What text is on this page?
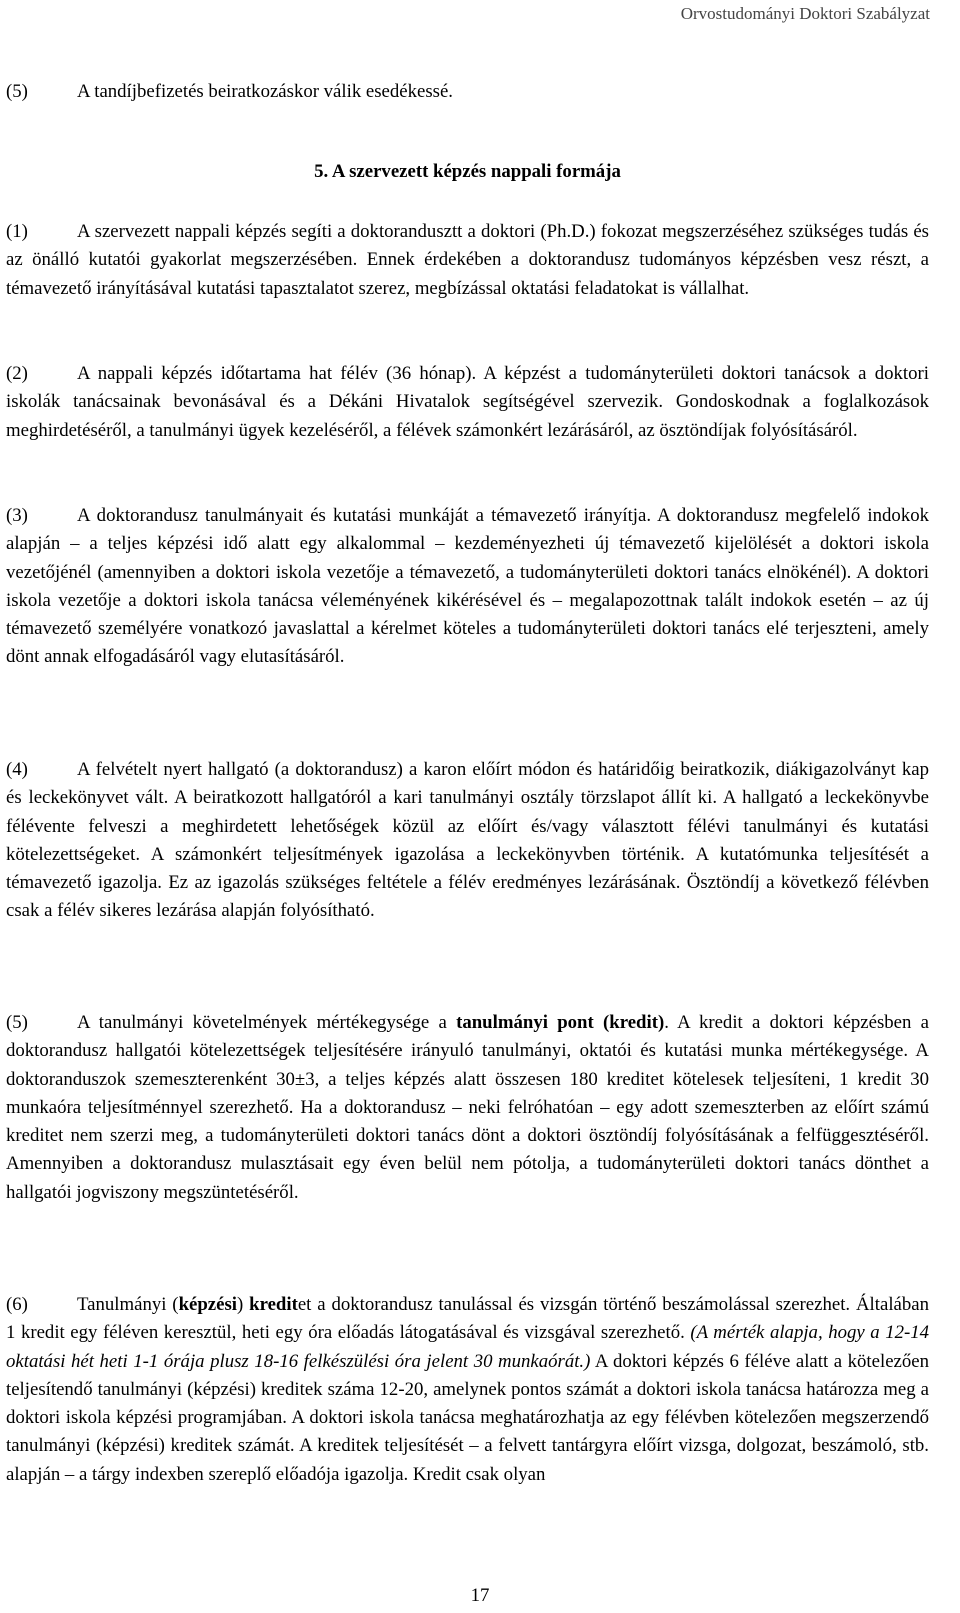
Orvostudományi Doktori Szabályzat

(5)	A tandíjbefizetés beiratkozáskor válik esedékessé.

5. A szervezett képzés nappali formája

(1)	A szervezett nappali képzés segíti a doktorandusztt a doktori (Ph.D.) fokozat megszerzéséhez szükséges tudás és az önálló kutatói gyakorlat megszerzésében. Ennek érdekében a doktorandusz tudományos képzésben vesz részt, a témavezető irányításával kutatási tapasztalatot szerez, megbízással oktatási feladatokat is vállalhat.

(2)	A nappali képzés időtartama hat félév (36 hónap). A képzést a tudományterületi doktori tanácsok a doktori iskolák tanácsainak bevonásával és a Dékáni Hivatalok segítségével szervezik. Gondoskodnak a foglalkozások meghirdetéséről, a tanulmányi ügyek kezeléséről, a félévek számonkért lezárásáról, az ösztöndíjak folyósításáról.

(3)	A doktorandusz tanulmányait és kutatási munkáját a témavezető irányítja. A doktorandusz megfelelő indokok alapján – a teljes képzési idő alatt egy alkalommal – kezdeményezheti új témavezető kijelölését a doktori iskola vezetőjénél (amennyiben a doktori iskola vezetője a témavezető, a tudományterületi doktori tanács elnökénél). A doktori iskola vezetője a doktori iskola tanácsa véleményének kikérésével és – megalapozottnak talált indokok esetén – az új témavezető személyére vonatkozó javaslattal a kérelmet köteles a tudományterületi doktori tanács elé terjeszteni, amely dönt annak elfogadásáról vagy elutasításáról.

(4)	A felvételt nyert hallgató (a doktorandusz) a karon előírt módon és határidőig beiratkozik, diákigazolványt kap és leckekönyvet vált. A beiratkozott hallgatóról a kari tanulmányi osztály törzslapot állít ki. A hallgató a leckekönyvbe félévente felveszi a meghirdetett lehetőségek közül az előírt és/vagy választott félévi tanulmányi és kutatási kötelezettségeket. A számonkért teljesítmények igazolása a leckekönyvben történik. A kutatómunka teljesítését a témavezető igazolja. Ez az igazolás szükséges feltétele a félév eredményes lezárásának. Ösztöndíj a következő félévben csak a félév sikeres lezárása alapján folyósítható.

(5)	A tanulmányi követelmények mértékegysége a tanulmányi pont (kredit). A kredit a doktori képzésben a doktorandusz hallgatói kötelezettségek teljesítésére irányuló tanulmányi, oktatói és kutatási munka mértékegysége. A doktoranduszok szemeszterenként 30±3, a teljes képzés alatt összesen 180 kreditet kötelesek teljesíteni, 1 kredit 30 munkaóra teljesítménnyel szerezhető. Ha a doktorandusz – neki felróhatóan – egy adott szemeszterben az előírt számú kreditet nem szerzi meg, a tudományterületi doktori tanács dönt a doktori ösztöndíj folyósításának a felfüggesztéséről. Amennyiben a doktorandusz mulasztásait egy éven belül nem pótolja, a tudományterületi doktori tanács dönthet a hallgatói jogviszony megszüntetéséről.

(6)	Tanulmányi (képzési) kreditet a doktorandusz tanulással és vizsgán történő beszámolással szerezhet. Általában 1 kredit egy féléven keresztül, heti egy óra előadás látogatásával és vizsgával szerezhető. (A mérték alapja, hogy a 12-14 oktatási hét heti 1-1 órája plusz 18-16 felkészülési óra jelent 30 munkaórát.) A doktori képzés 6 féléve alatt a kötelezően teljesítendő tanulmányi (képzési) kreditek száma 12-20, amelynek pontos számát a doktori iskola tanácsa határozza meg a doktori iskola képzési programjában. A doktori iskola tanácsa meghatározhatja az egy félévben kötelezően megszerzendő tanulmányi (képzési) kreditek számát. A kreditek teljesítését – a felvett tantárgyra előírt vizsga, dolgozat, beszámoló, stb. alapján – a tárgy indexben szereplő előadója igazolja. Kredit csak olyan

17
